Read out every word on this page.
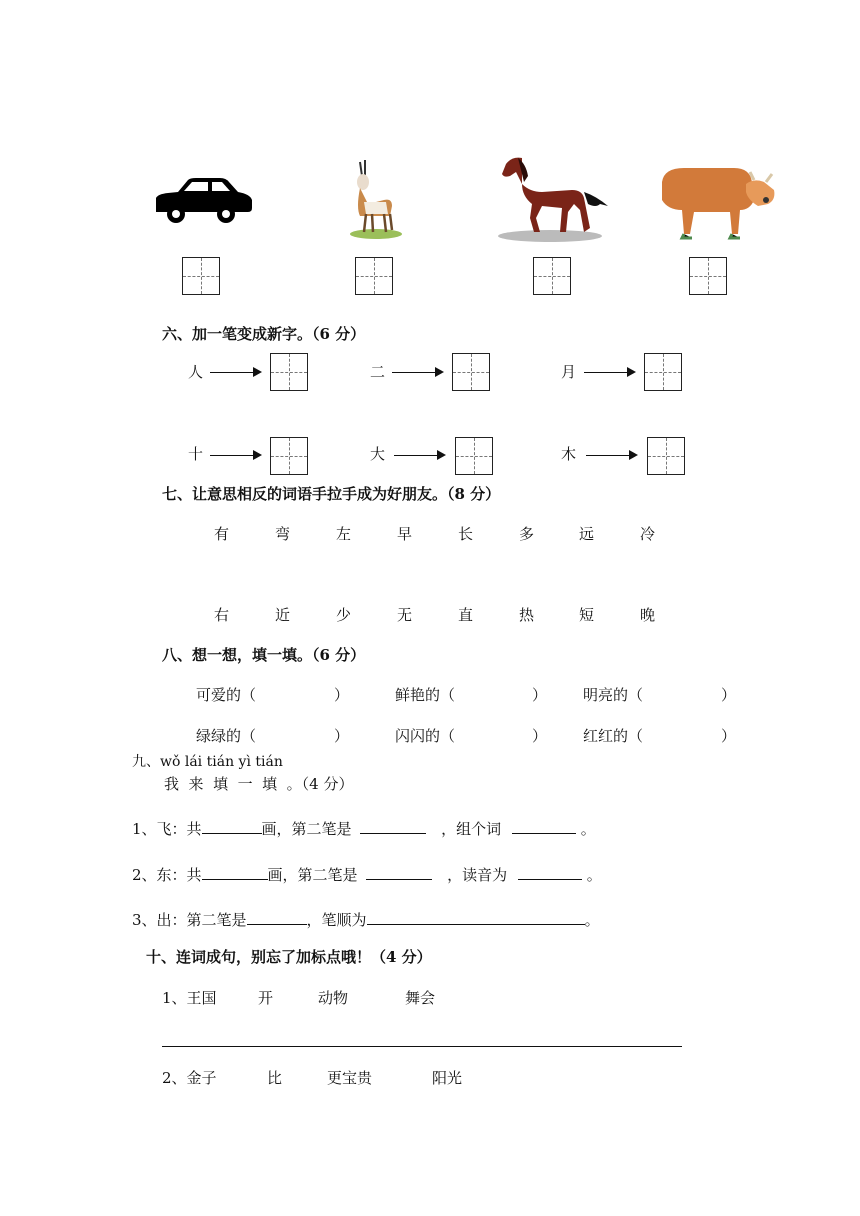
六、加一笔变成新字。（6 分）
人	二	月
十	大	木
七、让意思相反的词语手拉手成为好朋友。（8 分）
有	弯	左	早	长	多	远	冷
右	近	少	无	直	热	短	晚
八、想一想，填一填。（6 分）
可爱的（	）	鲜艳的（	） 明亮的（	）
绿绿的（	）	闪闪的（	） 红红的（	）
九、wǒ lái tián yì tián
我  来  填  一  填  。（4 分）
1、飞：共	画，第二笔是	，组个词	。
2、东：共	画，第二笔是	，读音为	。
3、出：第二笔是	，笔顺为	。
十、连词成句，别忘了加标点哦！（4 分）
1、王国	开	动物	舞会
2、金子	比	更宝贵	阳光
